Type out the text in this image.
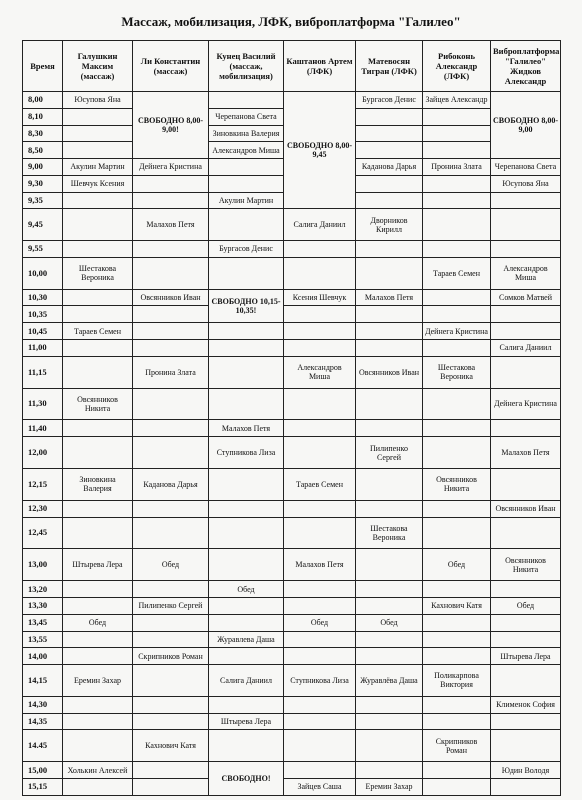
Массаж, мобилизация, ЛФК, виброплатформа "Галилео"
Время	Галушкин Максим (массаж)	Ли Константин (массаж)	Кунец Василий (массаж, мобилизация)	Каштанов Артем (ЛФК)	Матевосян Тигран (ЛФК)	Рибоконь Александр (ЛФК)	Виброплатформа "Галилео" Жидков Александр
8,00	Юсупова Яна	СВОБОДНО 8,00-9,00!		СВОБОДНО 8,00-9,45	Бургасов Денис	Зайцев Александр	СВОБОДНО 8,00-9,00
8,10			Черепанова Света				
8,30			Зиновкина Валерия				
8,50			Александров Миша				
9,00	Акулин Мартин	Дейнега Кристина			Каданова Дарья	Пронина Злата	Черепанова Света
9,30	Шевчук Ксения						Юсупова Яна
9,35			Акулин Мартин				
9,45		Малахов Петя		Салига Даниил	Дворников Кирилл		
9,55			Бургасов Денис				
10,00	Шестакова Вероника					Тараев Семен	Александров Миша
10,30		Овсянников Иван	СВОБОДНО 10,15-10,35!	Ксения Шевчук	Малахов Петя		Сомков Матвей
10,35							
10,45	Тараев Семен					Дейнега Кристина	
11,00							Салига Даниил
11,15		Пронина Злата		Александров Миша	Овсянников Иван	Шестакова Вероника	
11,30	Овсянников Никита						Дейнега Кристина
11,40			Малахов Петя				
12,00			Ступникова Лиза		Пилипенко Сергей		Малахов Петя
12,15	Зиновкина Валерия	Каданова Дарья		Тараев Семен		Овсянников Никита	
12,30							Овсянников Иван
12,45					Шестакова Вероника		
13,00	Штырева Лера	Обед		Малахов Петя		Обед	Овсянников Никита
13,20			Обед				
13,30		Пилипенко Сергей				Кахнович Катя	Обед
13,45	Обед			Обед	Обед		
13,55			Журавлева Даша				
14,00		Скрипников Роман					Штырева Лера
14,15	Еремин Захар		Салига Даниил	Ступникова Лиза	Журавлёва Даша	Поликарпова Виктория	
14,30							Клименок София
14,35			Штырева Лера				
14.45		Кахнович Катя				Скрипников Роман	
15,00	Холькин Алексей		СВОБОДНО!				Юдин Володя
15,15				Зайцев Саша	Еремин Захар		
